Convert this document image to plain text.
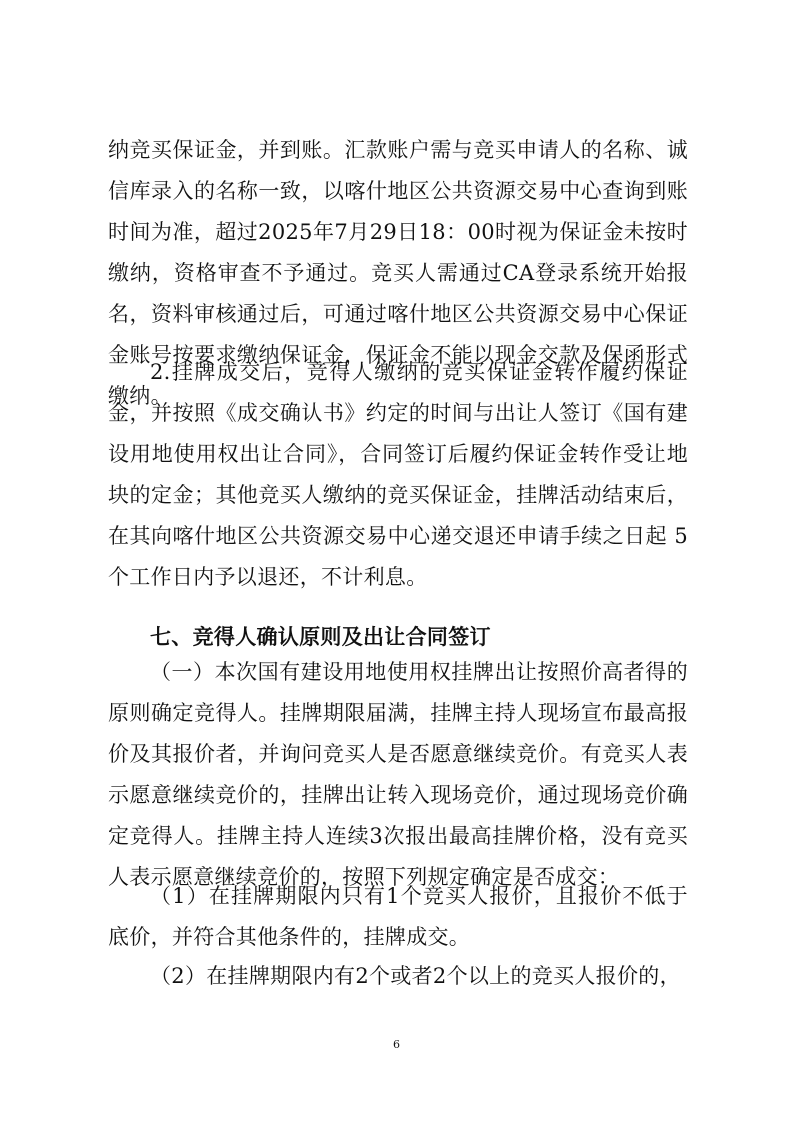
纳竞买保证金，并到账。汇款账户需与竞买申请人的名称、诚信库录入的名称一致，以喀什地区公共资源交易中心查询到账时间为准，超过2025年7月29日18：00时视为保证金未按时缴纳，资格审查不予通过。竞买人需通过CA登录系统开始报名，资料审核通过后，可通过喀什地区公共资源交易中心保证金账号按要求缴纳保证金，保证金不能以现金交款及保函形式缴纳。
2.挂牌成交后，竞得人缴纳的竞买保证金转作履约保证金，并按照《成交确认书》约定的时间与出让人签订《国有建设用地使用权出让合同》，合同签订后履约保证金转作受让地块的定金；其他竞买人缴纳的竞买保证金，挂牌活动结束后，在其向喀什地区公共资源交易中心递交退还申请手续之日起 5个工作日内予以退还，不计利息。
七、竞得人确认原则及出让合同签订
（一）本次国有建设用地使用权挂牌出让按照价高者得的原则确定竞得人。挂牌期限届满，挂牌主持人现场宣布最高报价及其报价者，并询问竞买人是否愿意继续竞价。有竞买人表示愿意继续竞价的，挂牌出让转入现场竞价，通过现场竞价确定竞得人。挂牌主持人连续3次报出最高挂牌价格，没有竞买人表示愿意继续竞价的，按照下列规定确定是否成交：
（1）在挂牌期限内只有1个竞买人报价，且报价不低于底价，并符合其他条件的，挂牌成交。
（2）在挂牌期限内有2个或者2个以上的竞买人报价的，
6
